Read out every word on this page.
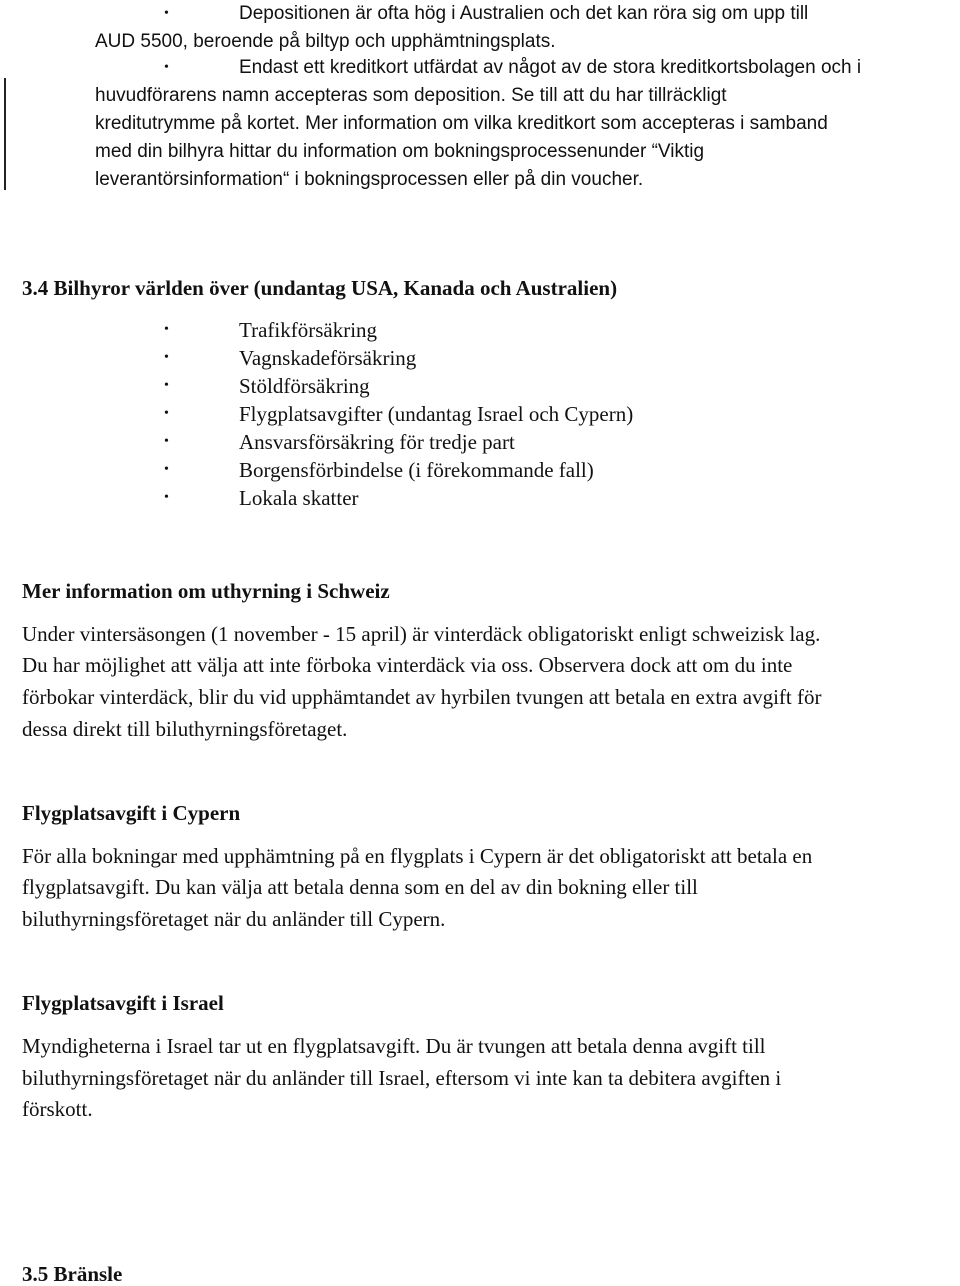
•	Depositionen är ofta hög i Australien och det kan röra sig om upp till
AUD 5500, beroende på biltyp och upphämtningsplats.
•	Endast ett kreditkort utfärdat av något av de stora kreditkortsbolagen och i
huvudförarens namn accepteras som deposition. Se till att du har tillräckligt
kreditutrymme på kortet. Mer information om vilka kreditkort som accepteras i samband
med din bilhyra hittar du information om bokningsprocessenunder “Viktig
leverantörsinformation“ i bokningsprocessen eller på din voucher.
3.4 Bilhyror världen över (undantag USA, Kanada och Australien)
•	Trafikförsäkring
•	Vagnskadeförsäkring
•	Stöldförsäkring
•	Flygplatsavgifter (undantag Israel och Cypern)
•	Ansvarsförsäkring för tredje part
•	Borgensförbindelse (i förekommande fall)
•	Lokala skatter
Mer information om uthyrning i Schweiz
Under vintersäsongen (1 november - 15 april) är vinterdäck obligatoriskt enligt schweizisk lag.
Du har möjlighet att välja att inte förboka vinterdäck via oss. Observera dock att om du inte
förbokar vinterdäck, blir du vid upphämtandet av hyrbilen tvungen att betala en extra avgift för
dessa direkt till biluthyrningsföretaget.
Flygplatsavgift i Cypern
För alla bokningar med upphämtning på en flygplats i Cypern är det obligatoriskt att betala en
flygplatsavgift. Du kan välja att betala denna som en del av din bokning eller till
biluthyrningsföretaget när du anländer till Cypern.
Flygplatsavgift i Israel
Myndigheterna i Israel tar ut en flygplatsavgift. Du är tvungen att betala denna avgift till
biluthyrningsföretaget när du anländer till Israel, eftersom vi inte kan ta debitera avgiften i
förskott.
3.5 Bränsle
